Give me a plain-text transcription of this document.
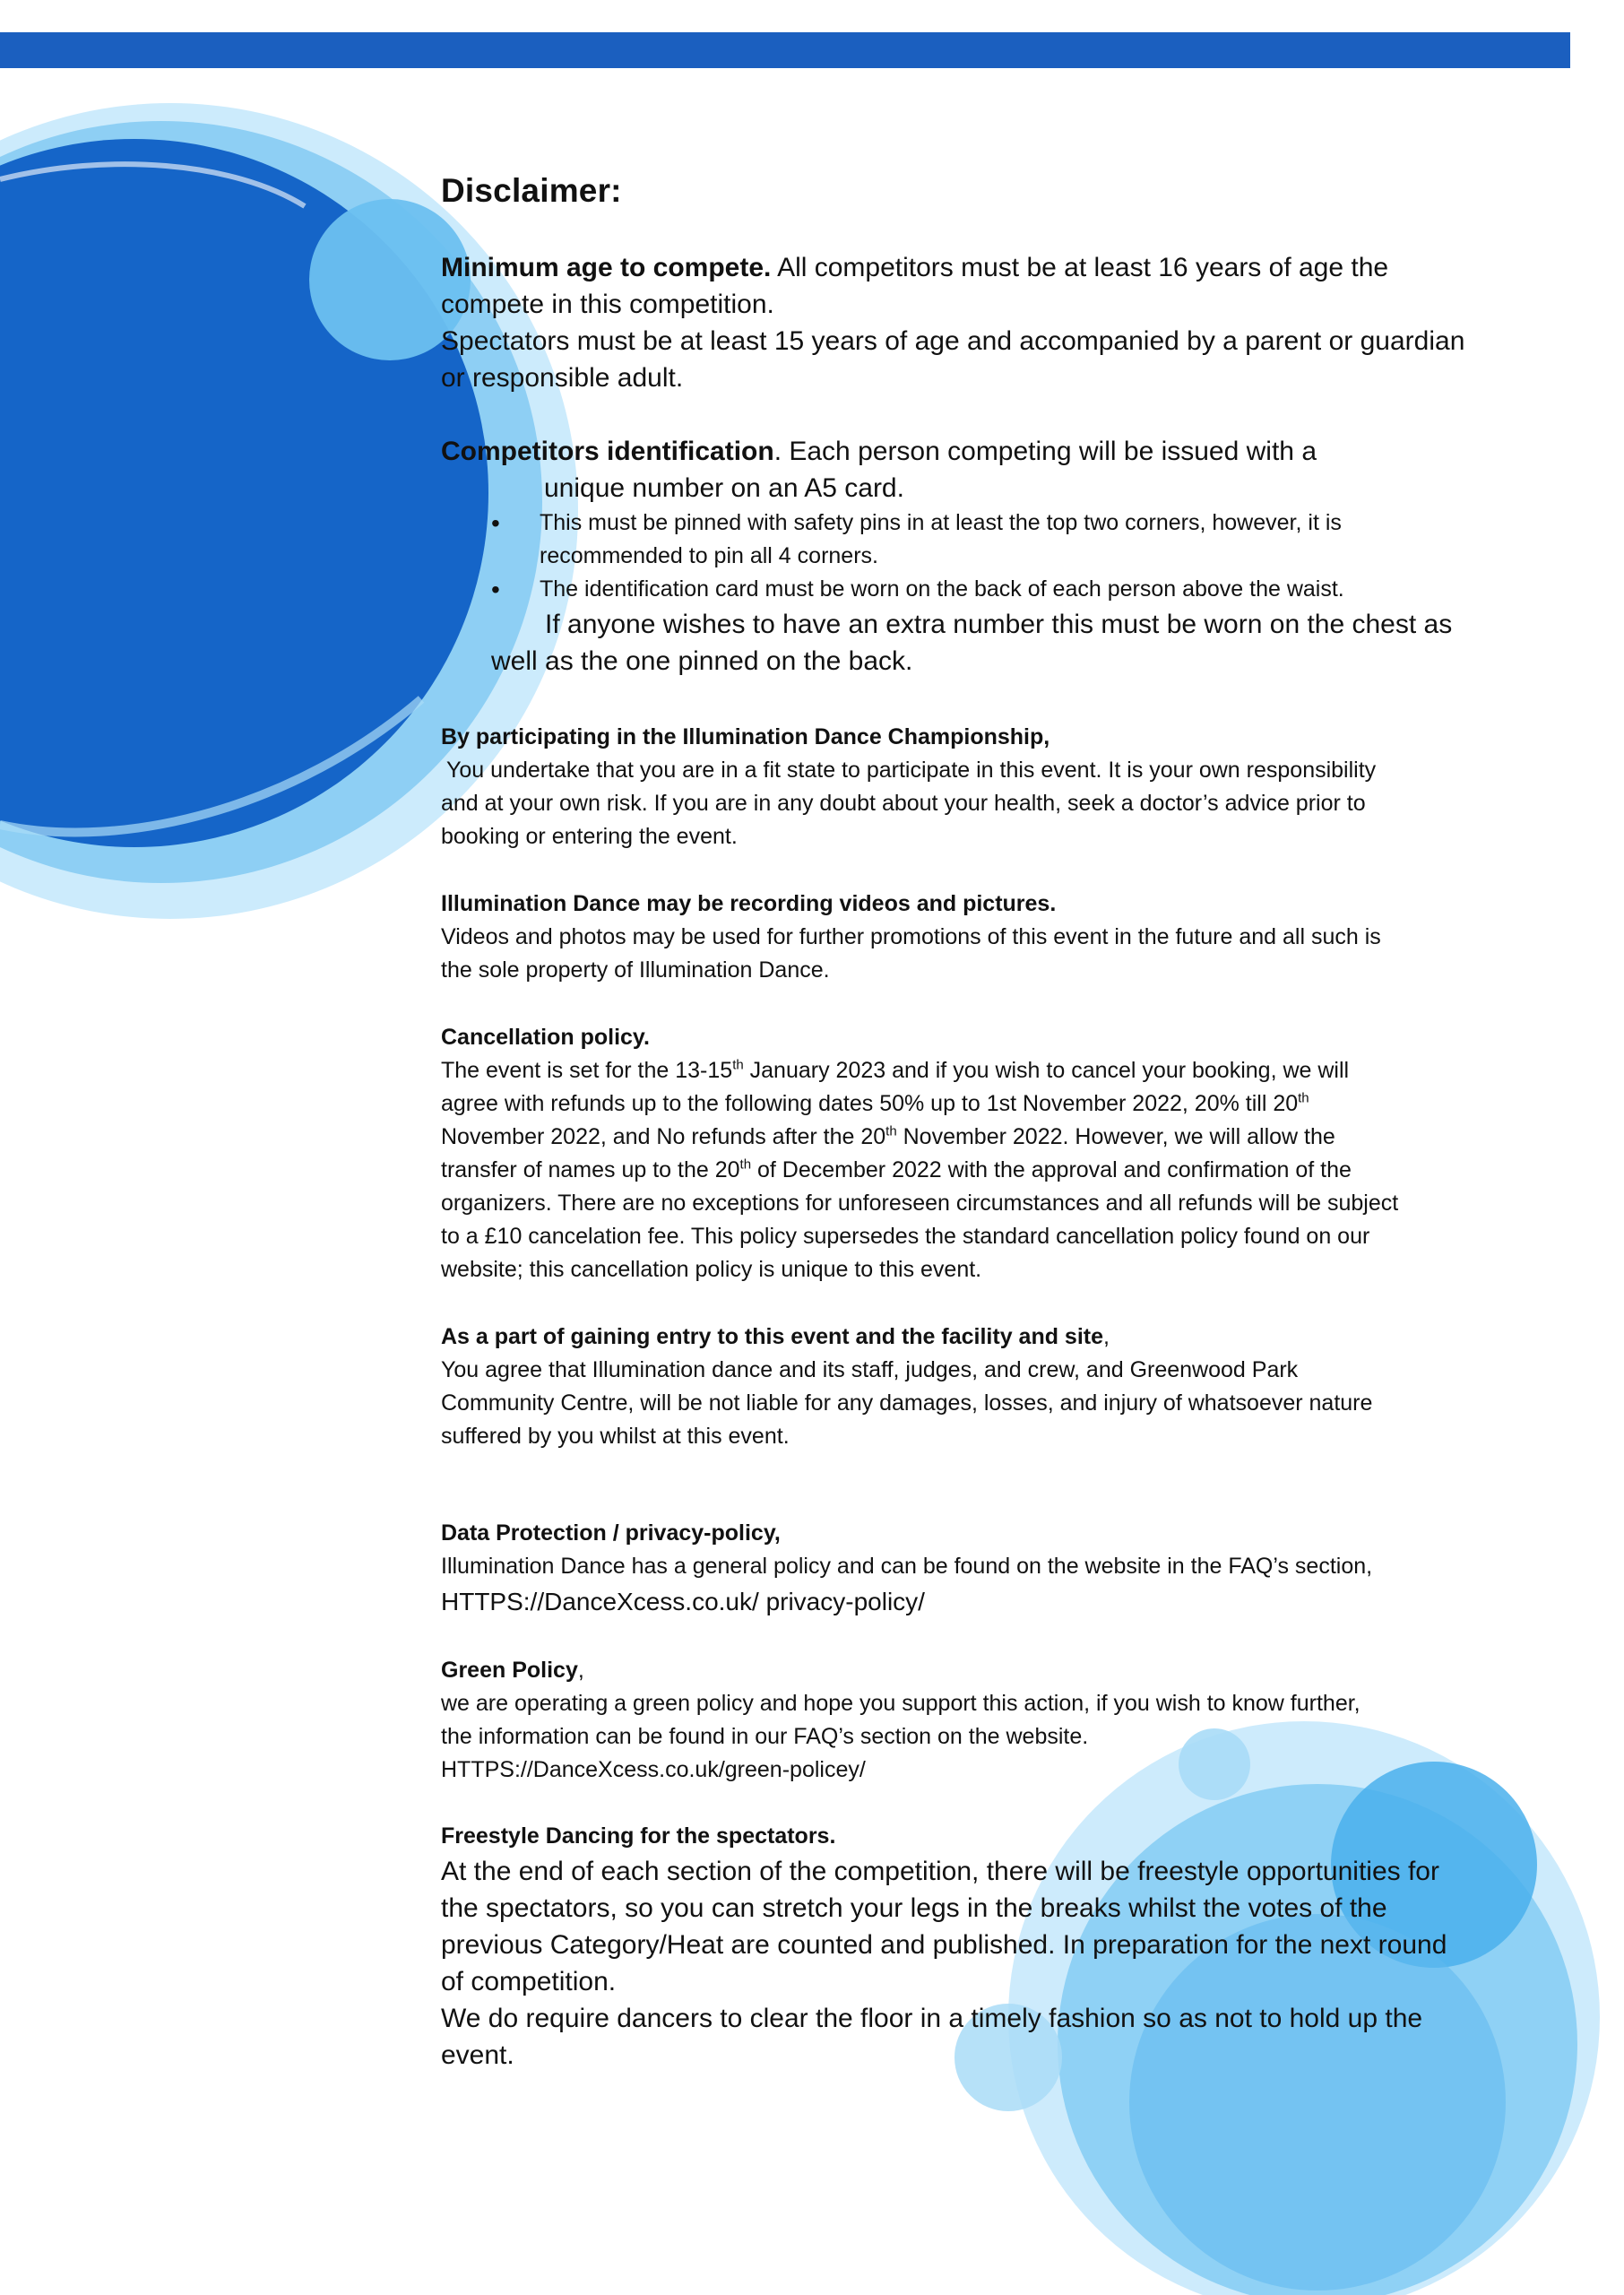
Disclaimer:

Minimum age to compete. All competitors must be at least 16 years of age the

compete in this competition.

Spectators must be at least 15 years of age and accompanied by a parent or guardian

or responsible adult.

Competitors identification. Each person competing will be issued with a

unique number on an A5 card.

• This must be pinned with safety pins in at least the top two corners, however, it is
recommended to pin all 4 corners.
• The identification card must be worn on the back of each person above the waist.

If anyone wishes to have an extra number this must be worn on the chest as

well as the one pinned on the back.

By participating in the Illumination Dance Championship,

You undertake that you are in a fit state to participate in this event. It is your own responsibility

and at your own risk. If you are in any doubt about your health, seek a doctor’s advice prior to

booking or entering the event.

Illumination Dance may be recording videos and pictures.

Videos and photos may be used for further promotions of this event in the future and all such is

the sole property of Illumination Dance.

Cancellation policy.

The event is set for the 13-15th January 2023 and if you wish to cancel your booking, we will

agree with refunds up to the following dates 50% up to 1st November 2022, 20% till 20th

November 2022, and No refunds after the 20th November 2022. However, we will allow the

transfer of names up to the 20th of December 2022 with the approval and confirmation of the

organizers. There are no exceptions for unforeseen circumstances and all refunds will be subject

to a £10 cancelation fee. This policy supersedes the standard cancellation policy found on our

website; this cancellation policy is unique to this event.

As a part of gaining entry to this event and the facility and site,

You agree that Illumination dance and its staff, judges, and crew, and Greenwood Park

Community Centre, will be not liable for any damages, losses, and injury of whatsoever nature

suffered by you whilst at this event.

Data Protection / privacy-policy,

Illumination Dance has a general policy and can be found on the website in the FAQ’s section,

HTTPS://DanceXcess.co.uk/ privacy-policy/

Green Policy,

we are operating a green policy and hope you support this action, if you wish to know further,

the information can be found in our FAQ’s section on the website.

HTTPS://DanceXcess.co.uk/green-policey/

Freestyle Dancing for the spectators.

At the end of each section of the competition, there will be freestyle opportunities for

the spectators, so you can stretch your legs in the breaks whilst the votes of the

previous Category/Heat are counted and published. In preparation for the next round

of competition.

We do require dancers to clear the floor in a timely fashion so as not to hold up the

event.
